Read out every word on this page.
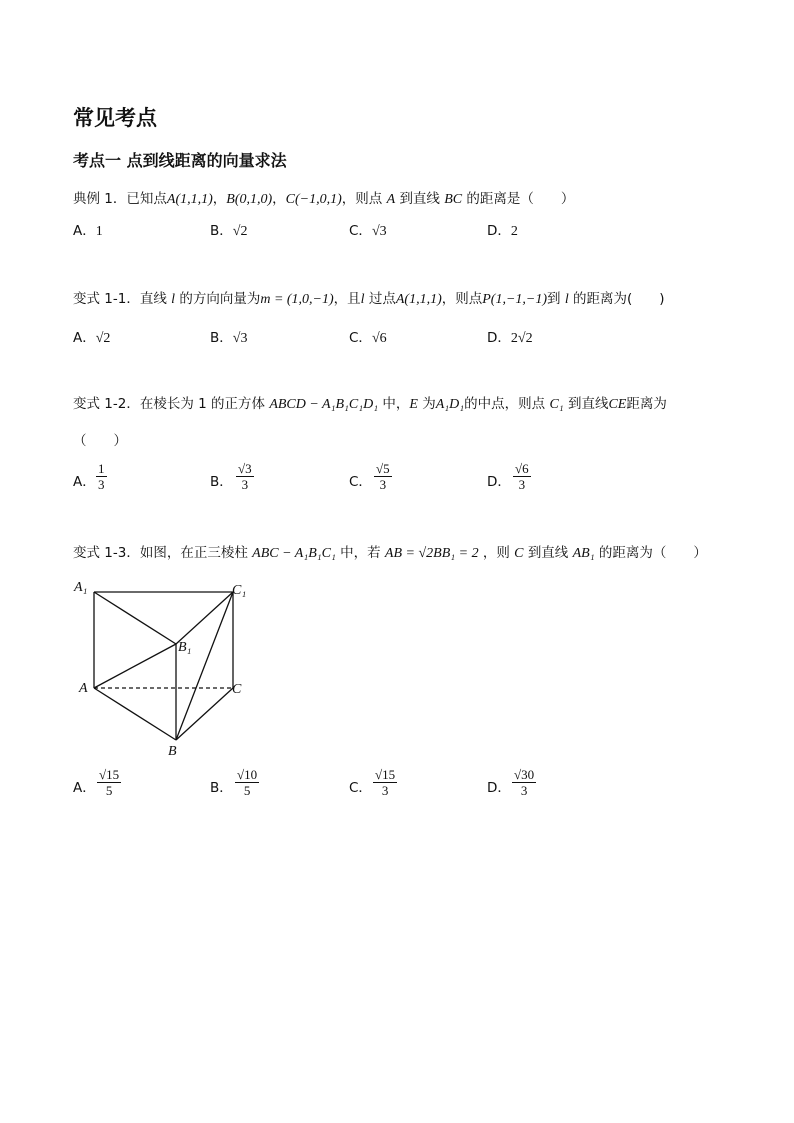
常见考点
考点一 点到线距离的向量求法
典例 1．已知点A(1,1,1)，B(0,1,0)，C(−1,0,1)，则点 A 到直线 BC 的距离是（　　）
A．1	B．√2	C．√3	D．2
变式 1-1．直线 l 的方向向量为m = (1,0,−1)，且l 过点A(1,1,1)，则点P(1,−1,−1)到 l 的距离为(　　)
A．√2	B．√3	C．√6	D．2√2
变式 1-2．在棱长为 1 的正方体 ABCD − A₁B₁C₁D₁ 中，E 为A₁D₁的中点，则点 C₁ 到直线CE距离为
（　　）
A． $\frac{1}{3}$	B． $\frac{√3}{3}$	C． $\frac{√5}{3}$	D． $\frac{√6}{3}$
变式 1-3．如图，在正三棱柱 ABC − A₁B₁C₁ 中，若 AB = √2BB₁ = 2 ，则 C 到直线 AB₁ 的距离为（　　）
A₁	C₁
B₁
A	C
B
A． $\frac{√15}{5}$	B． $\frac{√10}{5}$	C． $\frac{√15}{3}$	D． $\frac{√30}{3}$
